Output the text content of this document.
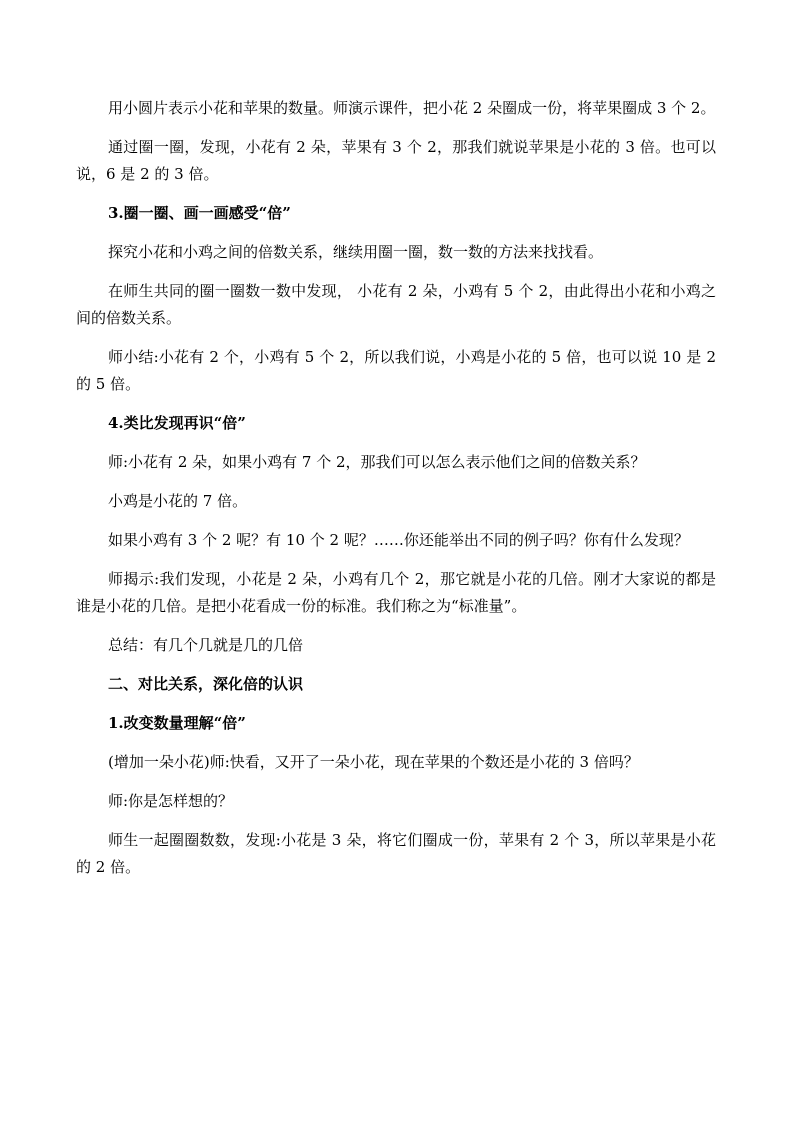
用小圆片表示小花和苹果的数量。师演示课件，把小花 2 朵圈成一份，将苹果圈成 3 个 2。

通过圈一圈，发现，小花有 2 朵，苹果有 3 个 2，那我们就说苹果是小花的 3 倍。也可以说，6 是 2 的 3 倍。

3.圈一圈、画一画感受“倍”

探究小花和小鸡之间的倍数关系，继续用圈一圈，数一数的方法来找找看。

在师生共同的圈一圈数一数中发现， 小花有 2 朵，小鸡有 5 个 2，由此得出小花和小鸡之间的倍数关系。

师小结:小花有 2 个，小鸡有 5 个 2，所以我们说，小鸡是小花的 5 倍，也可以说 10 是 2 的 5 倍。

4.类比发现再识“倍”

师:小花有 2 朵，如果小鸡有 7 个 2，那我们可以怎么表示他们之间的倍数关系？

小鸡是小花的 7 倍。

如果小鸡有 3 个 2 呢？有 10 个 2 呢？……你还能举出不同的例子吗？你有什么发现？

师揭示:我们发现，小花是 2 朵，小鸡有几个 2，那它就是小花的几倍。刚才大家说的都是谁是小花的几倍。是把小花看成一份的标准。我们称之为“标准量”。

总结：有几个几就是几的几倍

二、对比关系，深化倍的认识

1.改变数量理解“倍”

(增加一朵小花)师:快看，又开了一朵小花，现在苹果的个数还是小花的 3 倍吗？

师:你是怎样想的？

师生一起圈圈数数，发现:小花是 3 朵，将它们圈成一份，苹果有 2 个 3，所以苹果是小花的 2 倍。
